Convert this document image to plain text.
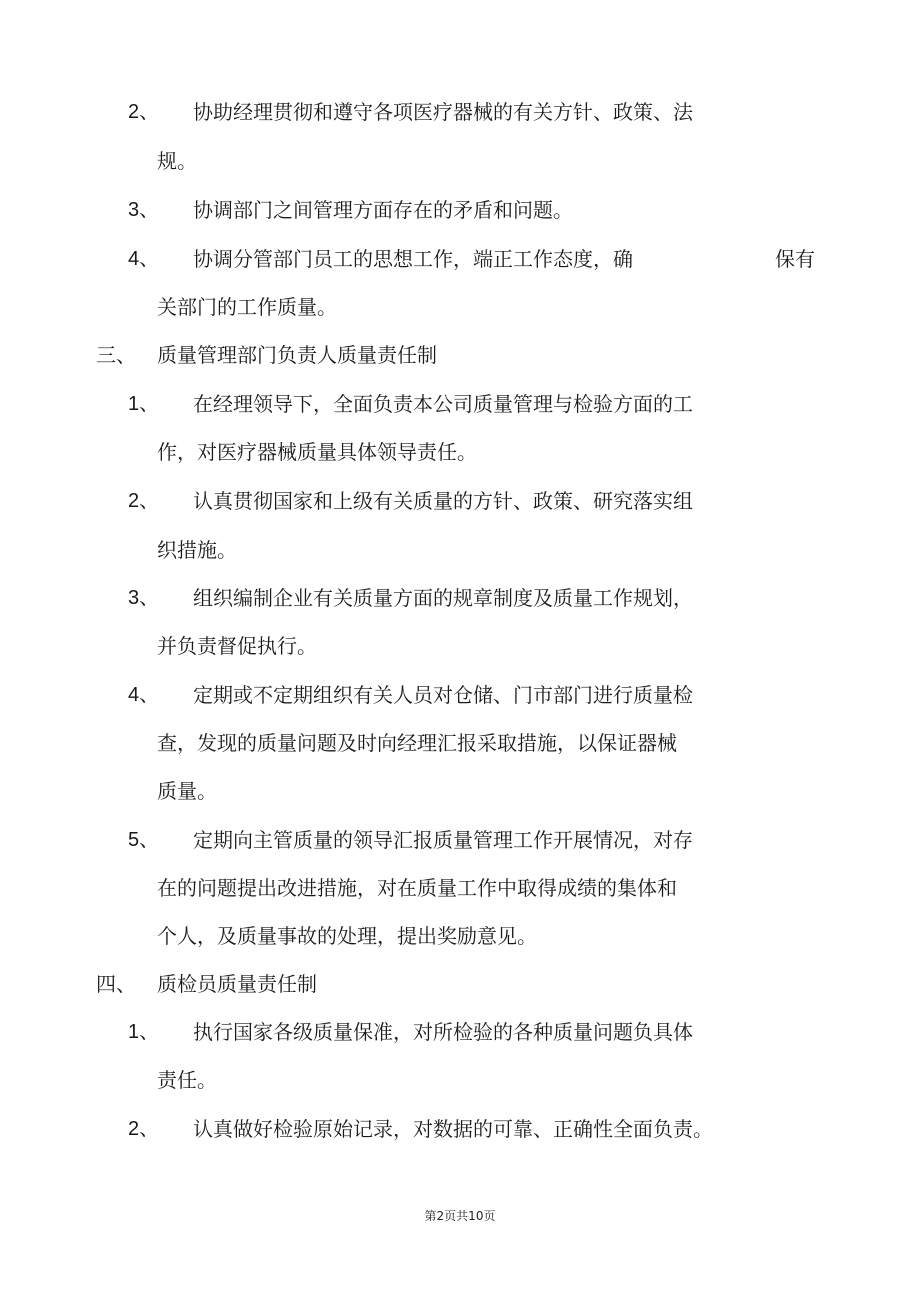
2、 协助经理贯彻和遵守各项医疗器械的有关方针、政策、法
规。
3、 协调部门之间管理方面存在的矛盾和问题。
4、 协调分管部门员工的思想工作，端正工作态度，确	保有
关部门的工作质量。
三、 质量管理部门负责人质量责任制
1、 在经理领导下，全面负责本公司质量管理与检验方面的工
作，对医疗器械质量具体领导责任。
2、 认真贯彻国家和上级有关质量的方针、政策、研究落实组
织措施。
3、 组织编制企业有关质量方面的规章制度及质量工作规划，
并负责督促执行。
4、 定期或不定期组织有关人员对仓储、门市部门进行质量检
查，发现的质量问题及时向经理汇报采取措施，以保证器械
质量。
5、 定期向主管质量的领导汇报质量管理工作开展情况，对存
在的问题提出改进措施，对在质量工作中取得成绩的集体和
个人，及质量事故的处理，提出奖励意见。
四、 质检员质量责任制
1、 执行国家各级质量保准，对所检验的各种质量问题负具体
责任。
2、 认真做好检验原始记录，对数据的可靠、正确性全面负责。
第2页共10页
